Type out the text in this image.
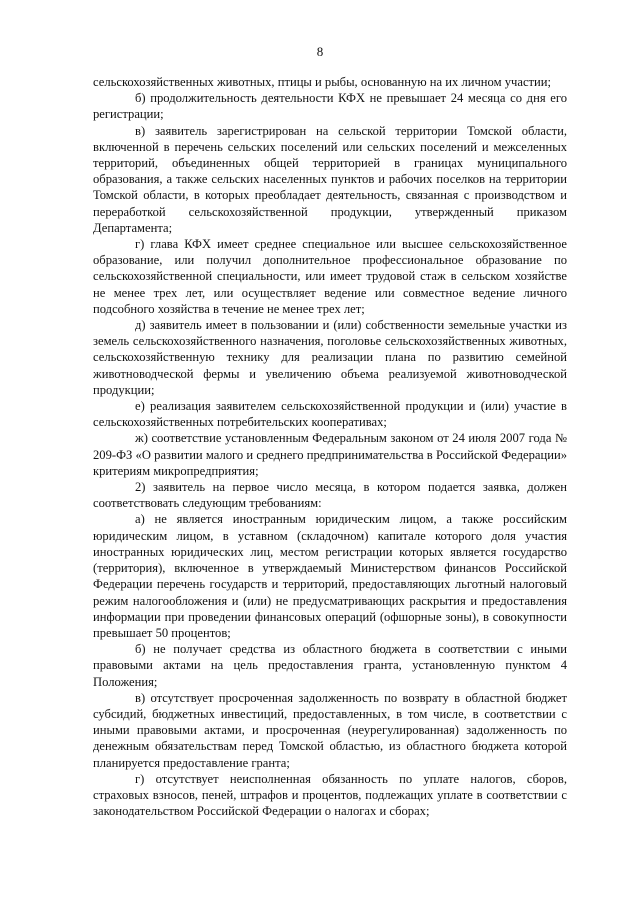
8

сельскохозяйственных животных, птицы и рыбы, основанную на их личном участии;

б) продолжительность деятельности КФХ не превышает 24 месяца со дня его регистрации;

в) заявитель зарегистрирован на сельской территории Томской области, включенной в перечень сельских поселений или сельских поселений и межселенных территорий, объединенных общей территорией в границах муниципального образования, а также сельских населенных пунктов и рабочих поселков на территории Томской области, в которых преобладает деятельность, связанная с производством и переработкой сельскохозяйственной продукции, утвержденный приказом Департамента;

г) глава КФХ имеет среднее специальное или высшее сельскохозяйственное образование, или получил дополнительное профессиональное образование по сельскохозяйственной специальности, или имеет трудовой стаж в сельском хозяйстве не менее трех лет, или осуществляет ведение или совместное ведение личного подсобного хозяйства в течение не менее трех лет;

д) заявитель имеет в пользовании и (или) собственности земельные участки из земель сельскохозяйственного назначения, поголовье сельскохозяйственных животных, сельскохозяйственную технику для реализации плана по развитию семейной животноводческой фермы и увеличению объема реализуемой животноводческой продукции;

е) реализация заявителем сельскохозяйственной продукции и (или) участие в сельскохозяйственных потребительских кооперативах;

ж) соответствие установленным Федеральным законом от 24 июля 2007 года № 209-ФЗ «О развитии малого и среднего предпринимательства в Российской Федерации» критериям микропредприятия;

2) заявитель на первое число месяца, в котором подается заявка, должен соответствовать следующим требованиям:

а) не является иностранным юридическим лицом, а также российским юридическим лицом, в уставном (складочном) капитале которого доля участия иностранных юридических лиц, местом регистрации которых является государство (территория), включенное в утверждаемый Министерством финансов Российской Федерации перечень государств и территорий, предоставляющих льготный налоговый режим налогообложения и (или) не предусматривающих раскрытия и предоставления информации при проведении финансовых операций (офшорные зоны), в совокупности превышает 50 процентов;

б) не получает средства из областного бюджета в соответствии с иными правовыми актами на цель предоставления гранта, установленную пунктом 4 Положения;

в) отсутствует просроченная задолженность по возврату в областной бюджет субсидий, бюджетных инвестиций, предоставленных, в том числе, в соответствии с иными правовыми актами, и просроченная (неурегулированная) задолженность по денежным обязательствам перед Томской областью, из областного бюджета которой планируется предоставление гранта;

г) отсутствует неисполненная обязанность по уплате налогов, сборов, страховых взносов, пеней, штрафов и процентов, подлежащих уплате в соответствии с законодательством Российской Федерации о налогах и сборах;
